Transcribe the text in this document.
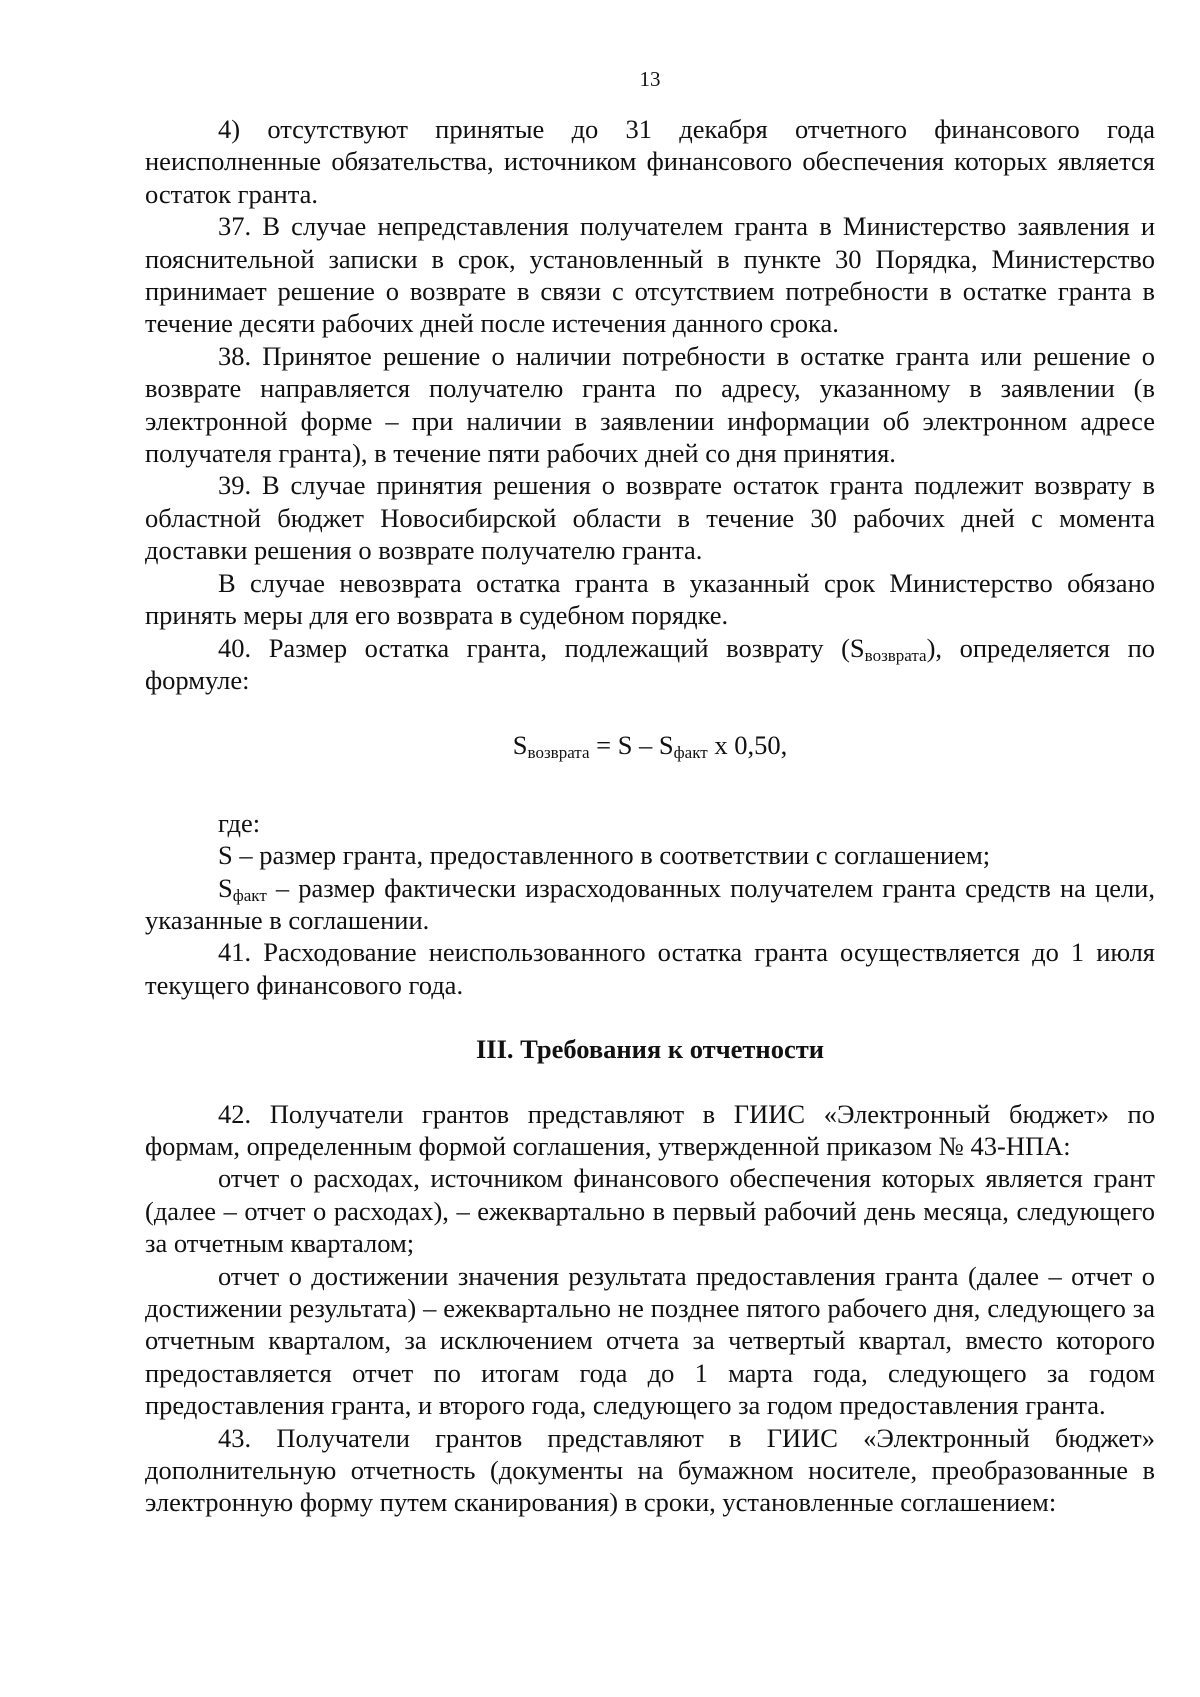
13

4) отсутствуют принятые до 31 декабря отчетного финансового года неисполненные обязательства, источником финансового обеспечения которых является остаток гранта.

37. В случае непредставления получателем гранта в Министерство заявления и пояснительной записки в срок, установленный в пункте 30 Порядка, Министерство принимает решение о возврате в связи с отсутствием потребности в остатке гранта в течение десяти рабочих дней после истечения данного срока.

38. Принятое решение о наличии потребности в остатке гранта или решение о возврате направляется получателю гранта по адресу, указанному в заявлении (в электронной форме – при наличии в заявлении информации об электронном адресе получателя гранта), в течение пяти рабочих дней со дня принятия.

39. В случае принятия решения о возврате остаток гранта подлежит возврату в областной бюджет Новосибирской области в течение 30 рабочих дней с момента доставки решения о возврате получателю гранта.

В случае невозврата остатка гранта в указанный срок Министерство обязано принять меры для его возврата в судебном порядке.

40. Размер остатка гранта, подлежащий возврату $(S_{возврата})$, определяется по формуле:

$S_{возврата} = S - S_{факт}$ х 0,50,

где:

S – размер гранта, предоставленного в соответствии с соглашением;

$S_{факт}$ – размер фактически израсходованных получателем гранта средств на цели, указанные в соглашении.

41. Расходование неиспользованного остатка гранта осуществляется до 1 июля текущего финансового года.

III. Требования к отчетности

42. Получатели грантов представляют в ГИИС «Электронный бюджет» по формам, определенным формой соглашения, утвержденной приказом № 43-НПА:

отчет о расходах, источником финансового обеспечения которых является грант (далее – отчет о расходах), – ежеквартально в первый рабочий день месяца, следующего за отчетным кварталом;

отчет о достижении значения результата предоставления гранта (далее – отчет о достижении результата) – ежеквартально не позднее пятого рабочего дня, следующего за отчетным кварталом, за исключением отчета за четвертый квартал, вместо которого предоставляется отчет по итогам года до 1 марта года, следующего за годом предоставления гранта, и второго года, следующего за годом предоставления гранта.

43. Получатели грантов представляют в ГИИС «Электронный бюджет» дополнительную отчетность (документы на бумажном носителе, преобразованные в электронную форму путем сканирования) в сроки, установленные соглашением:
